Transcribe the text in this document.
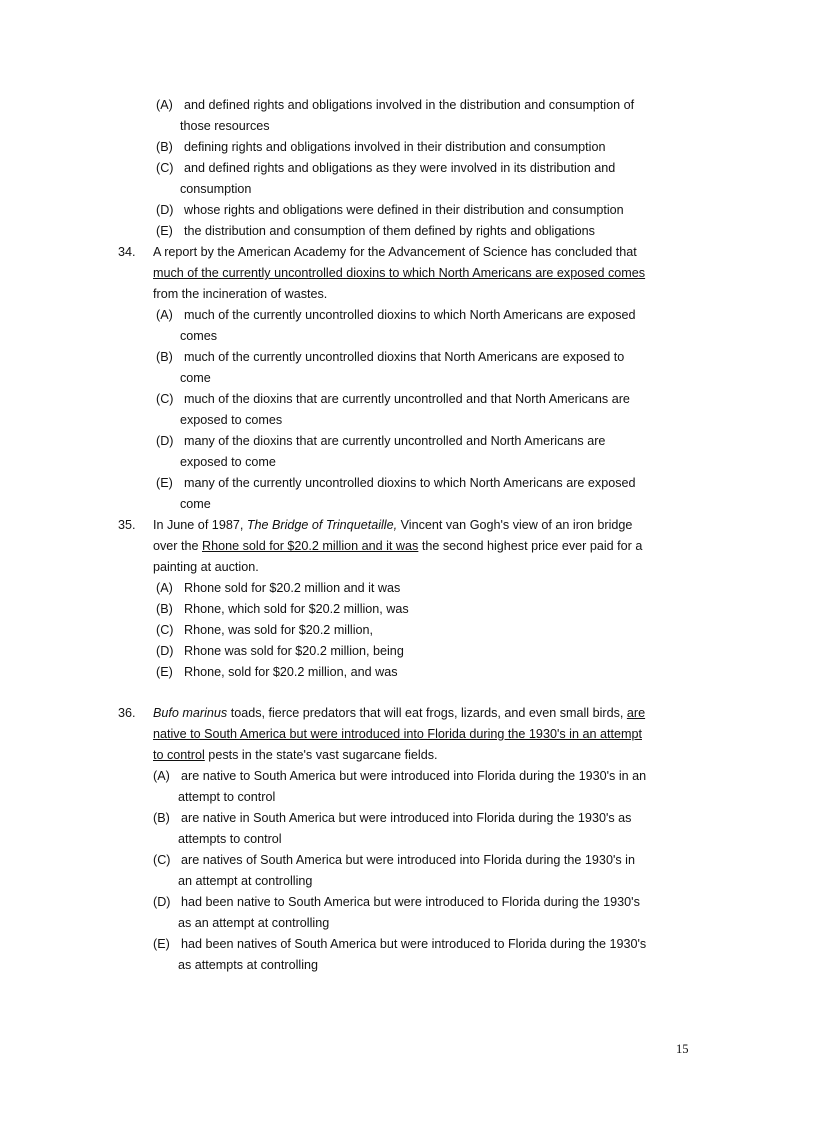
(A) and defined rights and obligations involved in the distribution and consumption of
those resources
(B) defining rights and obligations involved in their distribution and consumption
(C) and defined rights and obligations as they were involved in its distribution and
consumption
(D) whose rights and obligations were defined in their distribution and consumption
(E) the distribution and consumption of them defined by rights and obligations
34. A report by the American Academy for the Advancement of Science has concluded that
much of the currently uncontrolled dioxins to which North Americans are exposed comes
from the incineration of wastes.
(A) much of the currently uncontrolled dioxins to which North Americans are exposed
comes
(B) much of the currently uncontrolled dioxins that North Americans are exposed to
come
(C) much of the dioxins that are currently uncontrolled and that North Americans are
exposed to comes
(D) many of the dioxins that are currently uncontrolled and North Americans are
exposed to come
(E) many of the currently uncontrolled dioxins to which North Americans are exposed
come
35. In June of 1987, The Bridge of Trinquetaille, Vincent van Gogh's view of an iron bridge
over the Rhone sold for $20.2 million and it was the second highest price ever paid for a
painting at auction.
(A) Rhone sold for $20.2 million and it was
(B) Rhone, which sold for $20.2 million, was
(C) Rhone, was sold for $20.2 million,
(D) Rhone was sold for $20.2 million, being
(E) Rhone, sold for $20.2 million, and was
36. Bufo marinus toads, fierce predators that will eat frogs, lizards, and even small birds, are
native to South America but were introduced into Florida during the 1930's in an attempt
to control pests in the state's vast sugarcane fields.
(A) are native to South America but were introduced into Florida during the 1930's in an
attempt to control
(B) are native in South America but were introduced into Florida during the 1930's as
attempts to control
(C) are natives of South America but were introduced into Florida during the 1930's in
an attempt at controlling
(D) had been native to South America but were introduced to Florida during the 1930's
as an attempt at controlling
(E) had been natives of South America but were introduced to Florida during the 1930's
as attempts at controlling
15
